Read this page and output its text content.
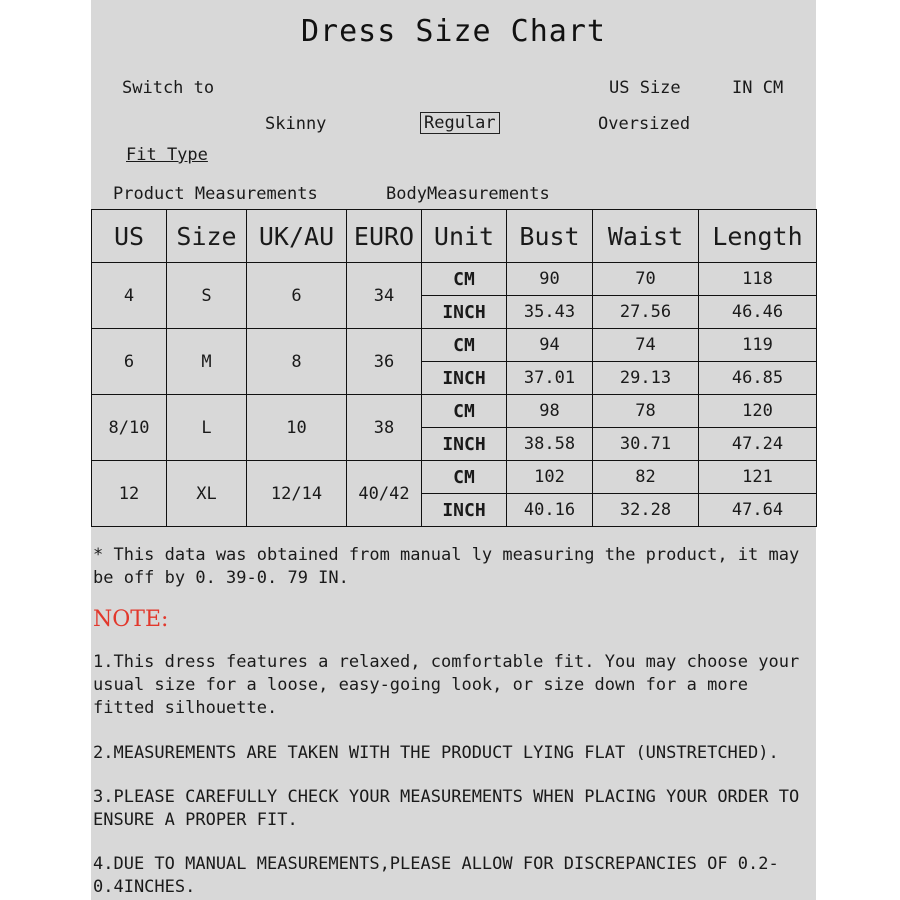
Dress Size Chart
Switch to	US Size	IN CM
Skinny	Regular	Oversized
Fit Type
Product Measurements	BodyMeasurements
US	Size	UK/AU	EURO	Unit	Bust	Waist	Length
4	S	6	34	CM	90	70	118
				INCH	35.43	27.56	46.46
6	M	8	36	CM	94	74	119
				INCH	37.01	29.13	46.85
8/10	L	10	38	CM	98	78	120
				INCH	38.58	30.71	47.24
12	XL	12/14	40/42	CM	102	82	121
				INCH	40.16	32.28	47.64
* This data was obtained from manual ly measuring the product, it may be off by 0. 39-0. 79 IN.
NOTE:
1.This dress features a relaxed, comfortable fit. You may choose your usual size for a loose, easy-going look, or size down for a more fitted silhouette.
2.MEASUREMENTS ARE TAKEN WITH THE PRODUCT LYING FLAT (UNSTRETCHED).
3.PLEASE CAREFULLY CHECK YOUR MEASUREMENTS WHEN PLACING YOUR ORDER TO ENSURE A PROPER FIT.
4.DUE TO MANUAL MEASUREMENTS,PLEASE ALLOW FOR DISCREPANCIES OF 0.2-0.4INCHES.
